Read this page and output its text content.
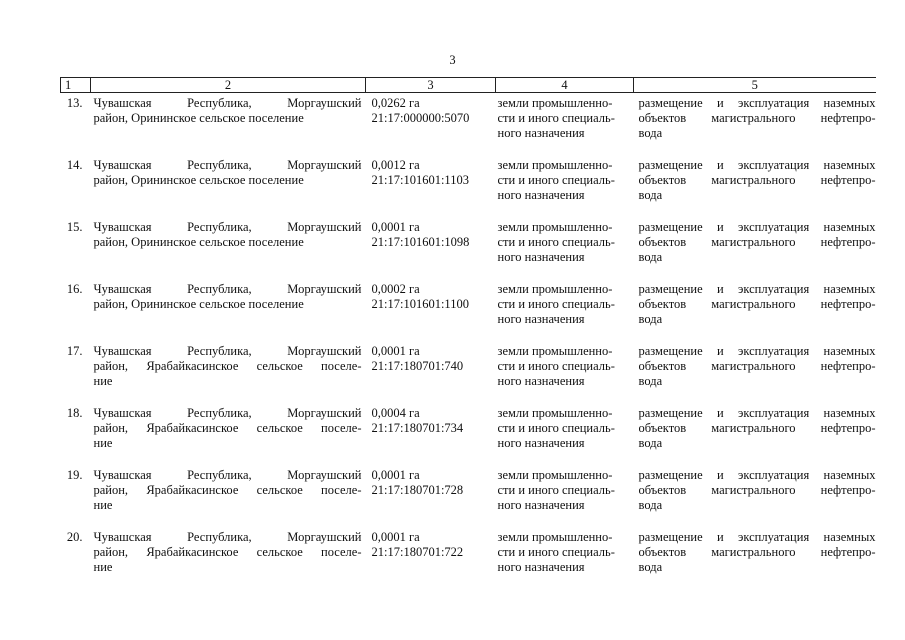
3
1	2	3	4	5
13.	Чувашская Республика, Моргаушский
район, Орининское сельское поселение	0,0262 га
21:17:000000:5070	земли промышленно-
сти и иного специаль-
ного назначения	размещение и эксплуатация наземных
объектов магистрального нефтепро-
вода

14.	Чувашская Республика, Моргаушский
район, Орининское сельское поселение	0,0012 га
21:17:101601:1103	земли промышленно-
сти и иного специаль-
ного назначения	размещение и эксплуатация наземных
объектов магистрального нефтепро-
вода

15.	Чувашская Республика, Моргаушский
район, Орининское сельское поселение	0,0001 га
21:17:101601:1098	земли промышленно-
сти и иного специаль-
ного назначения	размещение и эксплуатация наземных
объектов магистрального нефтепро-
вода

16.	Чувашская Республика, Моргаушский
район, Орининское сельское поселение	0,0002 га
21:17:101601:1100	земли промышленно-
сти и иного специаль-
ного назначения	размещение и эксплуатация наземных
объектов магистрального нефтепро-
вода

17.	Чувашская Республика, Моргаушский
район, Ярабайкасинское сельское поселе-
ние	0,0001 га
21:17:180701:740	земли промышленно-
сти и иного специаль-
ного назначения	размещение и эксплуатация наземных
объектов магистрального нефтепро-
вода

18.	Чувашская Республика, Моргаушский
район, Ярабайкасинское сельское поселе-
ние	0,0004 га
21:17:180701:734	земли промышленно-
сти и иного специаль-
ного назначения	размещение и эксплуатация наземных
объектов магистрального нефтепро-
вода

19.	Чувашская Республика, Моргаушский
район, Ярабайкасинское сельское поселе-
ние	0,0001 га
21:17:180701:728	земли промышленно-
сти и иного специаль-
ного назначения	размещение и эксплуатация наземных
объектов магистрального нефтепро-
вода

20.	Чувашская Республика, Моргаушский
район, Ярабайкасинское сельское поселе-
ние	0,0001 га
21:17:180701:722	земли промышленно-
сти и иного специаль-
ного назначения	размещение и эксплуатация наземных
объектов магистрального нефтепро-
вода
